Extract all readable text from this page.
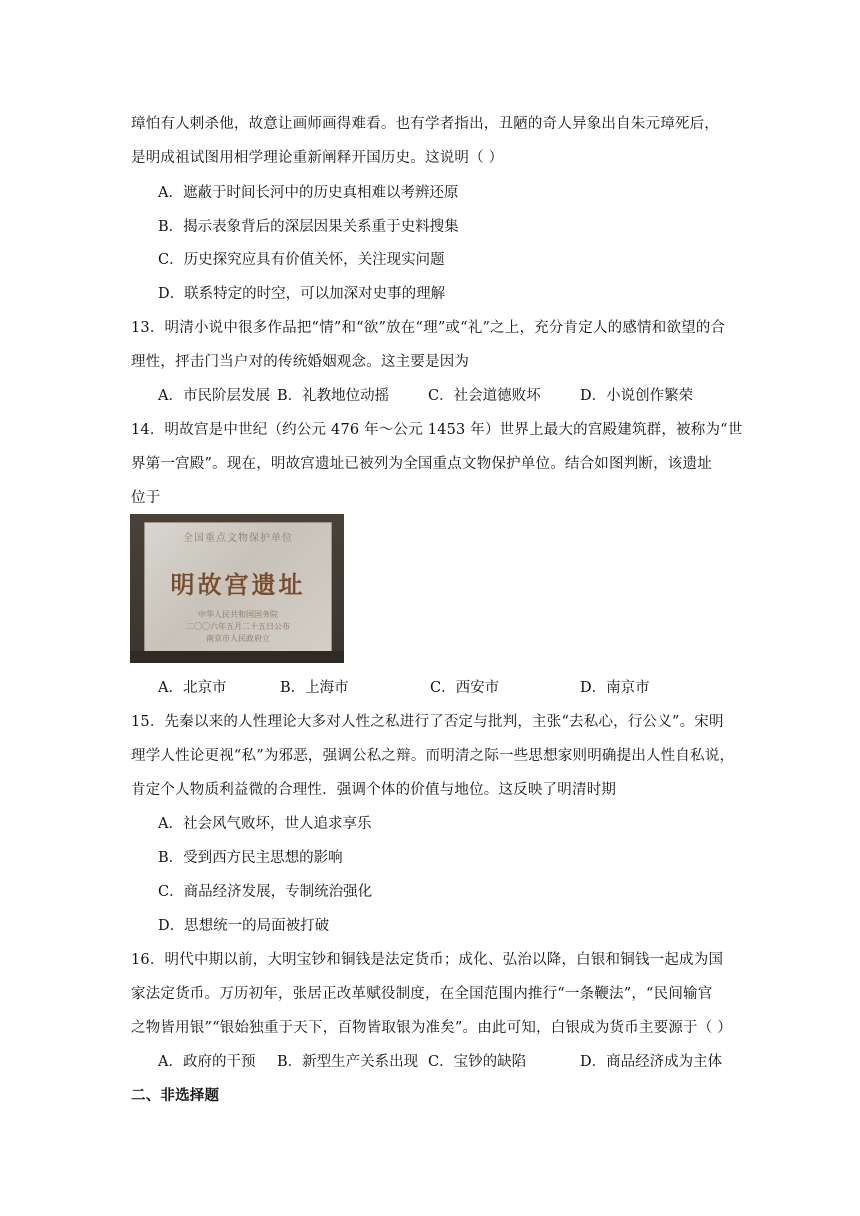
璋怕有人刺杀他，故意让画师画得难看。也有学者指出，丑陋的奇人异象出自朱元璋死后，
是明成祖试图用相学理论重新阐释开国历史。这说明（ ）
A．遮蔽于时间长河中的历史真相难以考辨还原
B．揭示表象背后的深层因果关系重于史料搜集
C．历史探究应具有价值关怀，关注现实问题
D．联系特定的时空，可以加深对史事的理解
13．明清小说中很多作品把“情”和“欲”放在“理”或“礼”之上，充分肯定人的感情和欲望的合
理性，抨击门当户对的传统婚姻观念。这主要是因为
A．市民阶层发展 B．礼教地位动摇	C．社会道德败坏	D．小说创作繁荣
14．明故宫是中世纪（约公元 476 年～公元 1453 年）世界上最大的宫殿建筑群，被称为“世
界第一宫殿”。现在，明故宫遗址已被列为全国重点文物保护单位。结合如图判断，该遗址
位于
全国重点文物保护单位
明故宫遗址
中华人民共和国国务院
二〇〇六年五月二十五日公布
南京市人民政府立
A．北京市	B．上海市	C．西安市	D．南京市
15．先秦以来的人性理论大多对人性之私进行了否定与批判，主张“去私心，行公义”。宋明
理学人性论更视“私”为邪恶，强调公私之辩。而明清之际一些思想家则明确提出人性自私说，
肯定个人物质利益微的合理性．强调个体的价值与地位。这反映了明清时期
A．社会风气败坏，世人追求享乐
B．受到西方民主思想的影响
C．商品经济发展，专制统治强化
D．思想统一的局面被打破
16．明代中期以前，大明宝钞和铜钱是法定货币；成化、弘治以降，白银和铜钱一起成为国
家法定货币。万历初年，张居正改革赋役制度，在全国范围内推行“一条鞭法”，“民间输官
之物皆用银”“银始独重于天下，百物皆取银为准矣”。由此可知，白银成为货币主要源于（ ）
A．政府的干预 B．新型生产关系出现 C．宝钞的缺陷	D．商品经济成为主体
二、非选择题
